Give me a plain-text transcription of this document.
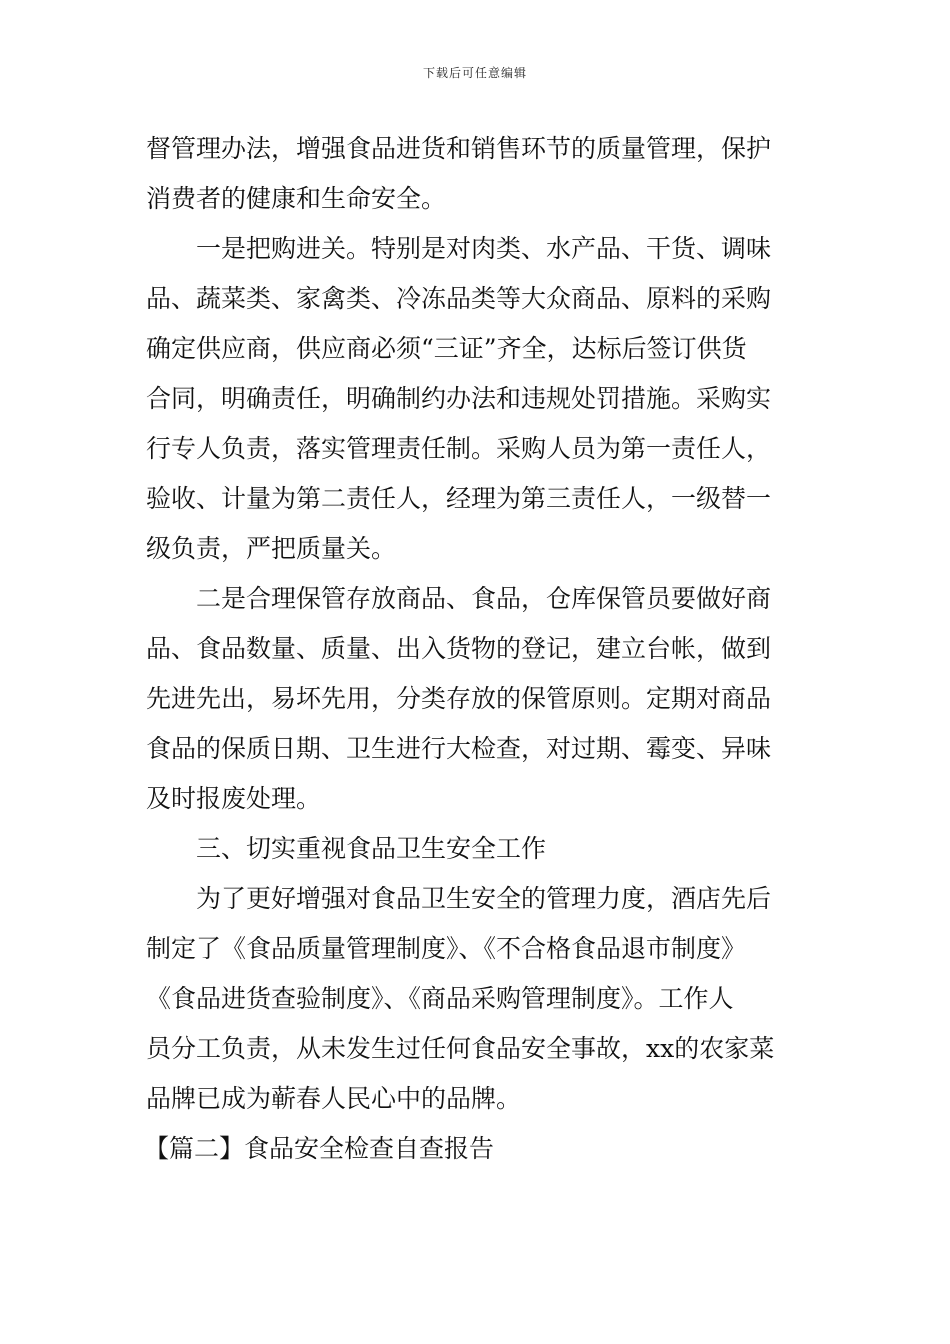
下载后可任意编辑
督管理办法，增强食品进货和销售环节的质量管理，保护
消费者的健康和生命安全。
一是把购进关。特别是对肉类、水产品、干货、调味
品、蔬菜类、家禽类、冷冻品类等大众商品、原料的采购
确定供应商，供应商必须“三证”齐全，达标后签订供货
合同，明确责任，明确制约办法和违规处罚措施。采购实
行专人负责，落实管理责任制。采购人员为第一责任人，
验收、计量为第二责任人，经理为第三责任人，一级替一
级负责，严把质量关。
二是合理保管存放商品、食品，仓库保管员要做好商
品、食品数量、质量、出入货物的登记，建立台帐，做到
先进先出，易坏先用，分类存放的保管原则。定期对商品
食品的保质日期、卫生进行大检查，对过期、霉变、异味
及时报废处理。
三、切实重视食品卫生安全工作
为了更好增强对食品卫生安全的管理力度，酒店先后
制定了《食品质量管理制度》、《不合格食品退市制度》
《食品进货查验制度》、《商品采购管理制度》。工作人
员分工负责，从未发生过任何食品安全事故，xx的农家菜
品牌已成为蕲春人民心中的品牌。
【篇二】食品安全检查自查报告
